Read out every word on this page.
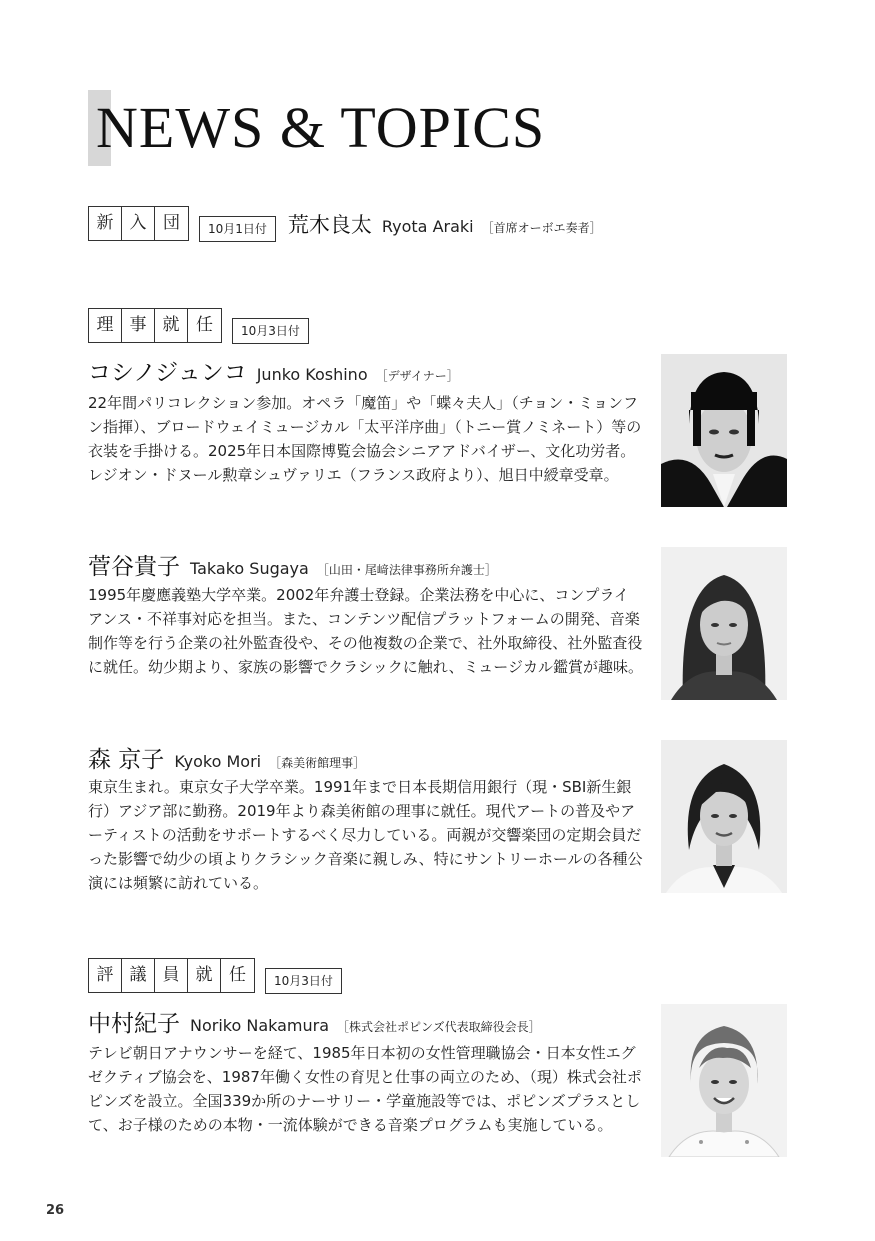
NEWS & TOPICS
新 入 団	10月1日付	荒木良太 Ryota Araki ［首席オーボエ奏者］
理 事 就 任	10月3日付
コシノジュンコ Junko Koshino ［デザイナー］

22年間パリコレクション参加。オペラ「魔笛」や「蝶々夫人」（チョン・ミョンフン指揮）、ブロードウェイミュージカル「太平洋序曲」（トニー賞ノミネート）等の衣装を手掛ける。2025年日本国際博覧会協会シニアアドバイザー、文化功労者。レジオン・ドヌール勲章シュヴァリエ（フランス政府より）、旭日中綬章受章。

菅谷貴子 Takako Sugaya ［山田・尾﨑法律事務所弁護士］

1995年慶應義塾大学卒業。2002年弁護士登録。企業法務を中心に、コンプライアンス・不祥事対応を担当。また、コンテンツ配信プラットフォームの開発、音楽制作等を行う企業の社外監査役や、その他複数の企業で、社外取締役、社外監査役に就任。幼少期より、家族の影響でクラシックに触れ、ミュージカル鑑賞が趣味。

森 京子 Kyoko Mori ［森美術館理事］

東京生まれ。東京女子大学卒業。1991年まで日本長期信用銀行（現・SBI新生銀行）アジア部に勤務。2019年より森美術館の理事に就任。現代アートの普及やアーティストの活動をサポートするべく尽力している。両親が交響楽団の定期会員だった影響で幼少の頃よりクラシック音楽に親しみ、特にサントリーホールの各種公演には頻繁に訪れている。

評 議 員 就 任	10月3日付
中村紀子 Noriko Nakamura ［株式会社ポピンズ代表取締役会長］

テレビ朝日アナウンサーを経て、1985年日本初の女性管理職協会・日本女性エグゼクティブ協会を、1987年働く女性の育児と仕事の両立のため、（現）株式会社ポピンズを設立。全国339か所のナーサリー・学童施設等では、ポピンズプラスとして、お子様のための本物・一流体験ができる音楽プログラムも実施している。

26
